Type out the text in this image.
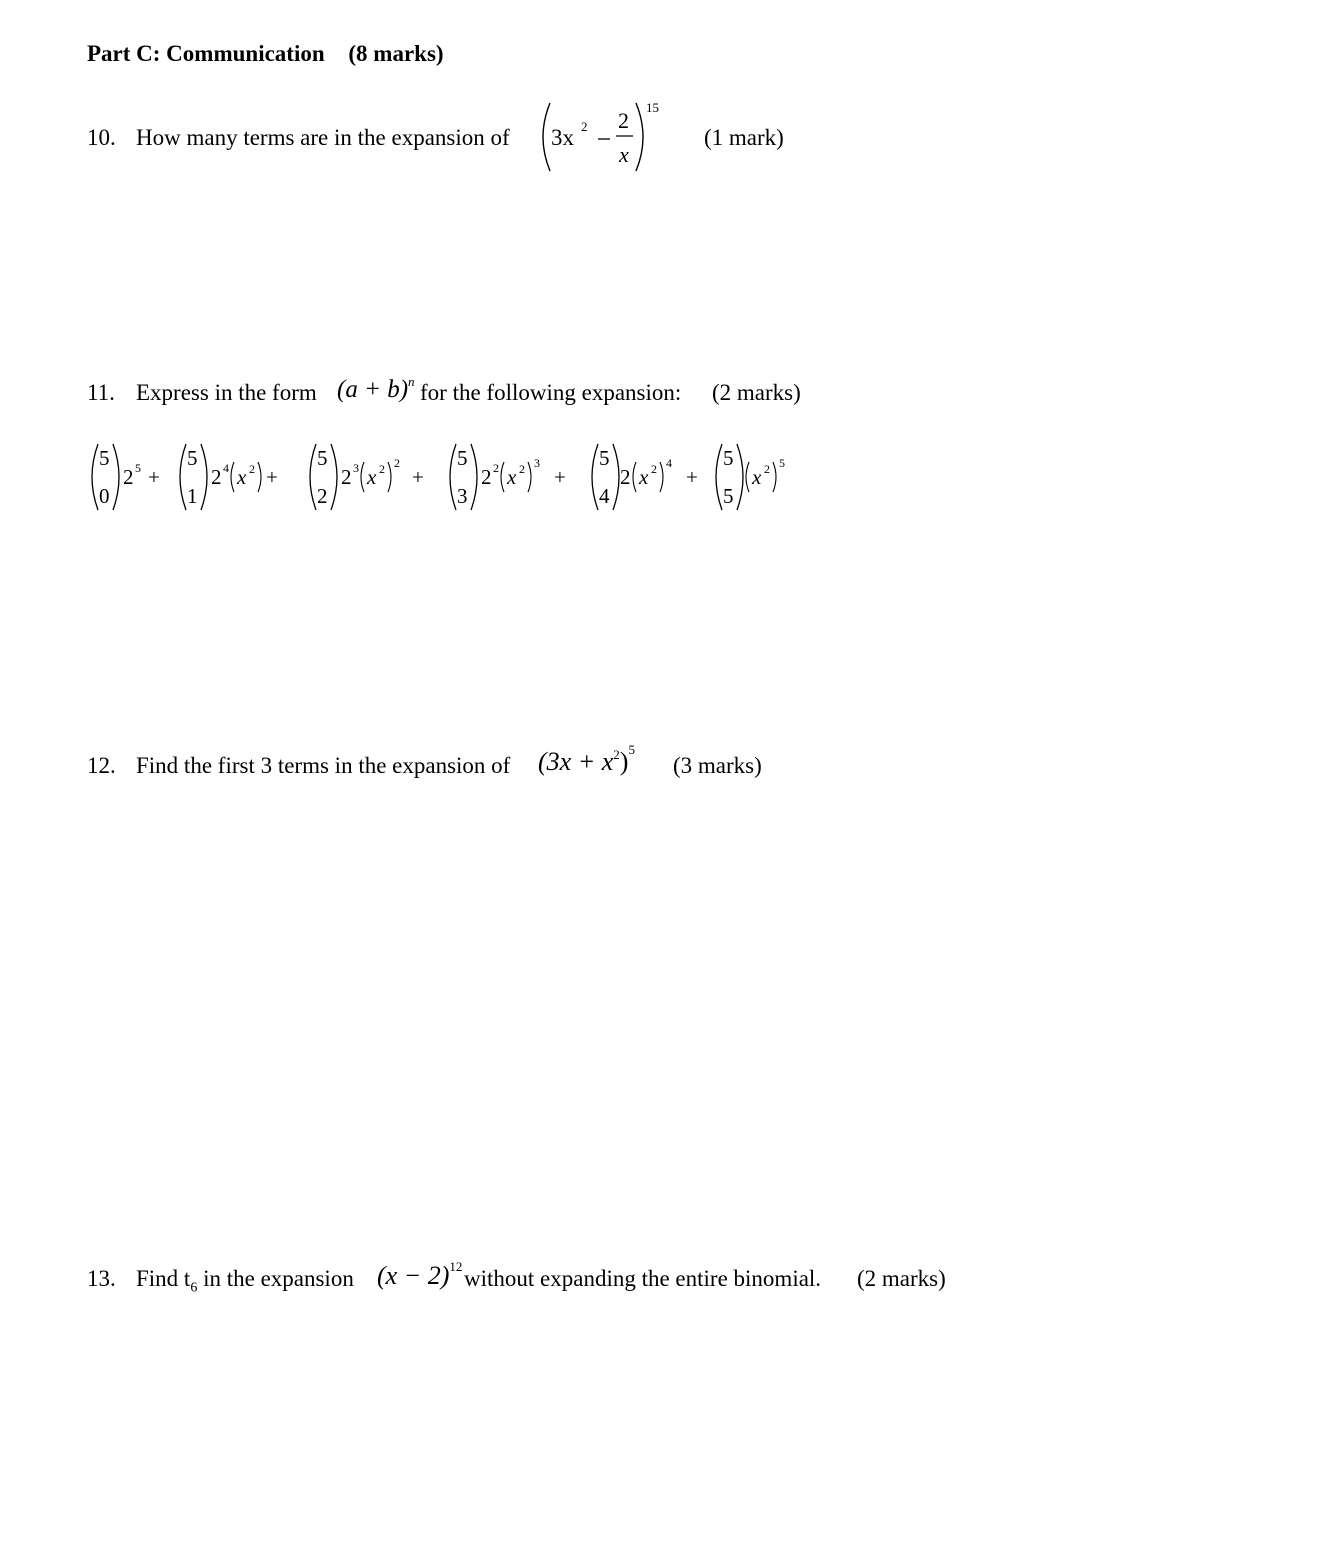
Part C: Communication (8 marks)
10. How many terms are in the expansion of 3x 2 2
x
15
(1 mark)
11. Express in the form $(a + b)^n$ for the following expansion: (2 marks)
5
0
2 5 +
5
1
2 4 x 2 +
5
2
2 3 x 2 2
+
5
3
2 2 x 2 3
+
5
4
2 x 2 4
+
5
5
x 2 5
12. Find the first 3 terms in the expansion of $(3x + x^2)^5$
(3 marks)
13. Find $t_6$ in the expansion $(x - 2)^{12}$ without expanding the entire binomial. (2 marks)
